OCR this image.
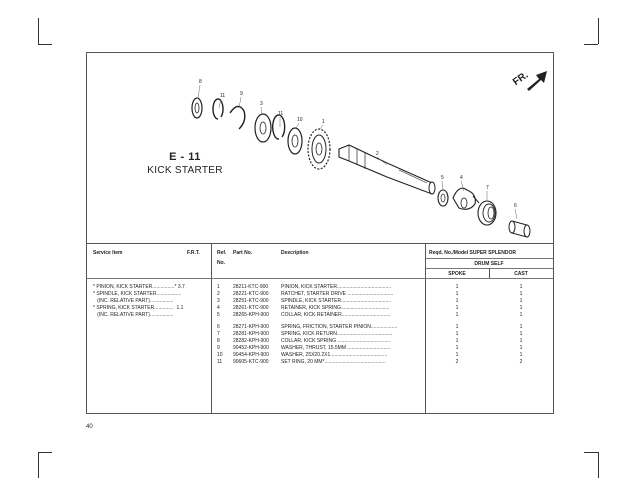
FR.
8
11	9
3
11
10	1
2
5	4
7
6
E - 11
KICK STARTER
Service Item	F.R.T.	Ref.
No.
Part No.	Description	Reqd. No./Model SUPER SPLENDOR
DRUM SELF
SPOKE	CAST
* PINION, KICK STARTER................* 3.7
* SPINDLE, KICK STARTER..................
(INC. RELATIVE PART).................
* SPRING, KICK STARTER..............  1.1
(INC. RELATIVE PART).................
1	28211-KTC-900	PINION, KICK STARTER.......................................	1	1
2	28221-KTC-900 RATCHET, STARTER DRIVE .................................	1	1
3	28251-KTC-900 SPINDLE, KICK STARTER....................................	1	1
4	28261-KTC-900 RETAINER, KICK SPRING...................................	1	1
5	28265-KPH-900 COLLAR, KICK RETAINER...................................	1	1
6	28271-KPH-900 SPRING, FRICTION, STARTER PINION...................	1	1
7	28281-KPH-900 SPRING, KICK RETURN........................................	1	1
8	28282-KPH-900 COLLAR, KICK SPRING ......................................	1	1
9	90452-KPH-900 WASHER, THRUST, 15.5MM ...............................	1	1
10 90454-KPH-900 WASHER, 25X20.2X1.........................................	1	1
11 90605-KTC-900 SET RING, 20 MM*............................................	2	2
40
